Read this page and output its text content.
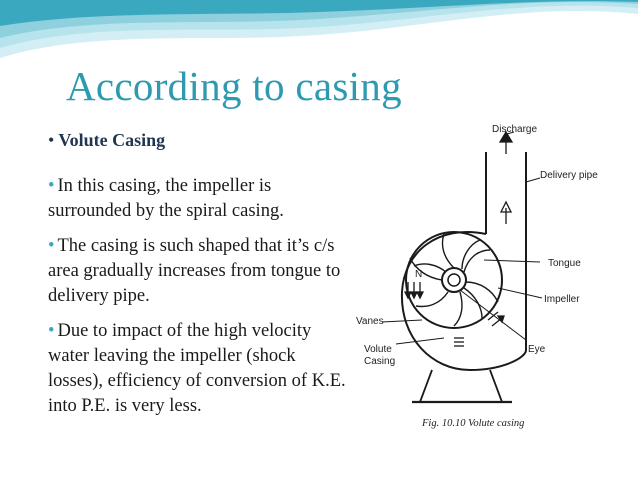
According to casing
• Volute Casing

• In this casing, the impeller is surrounded by the spiral casing.

• The casing is such shaped that it’s c/s area gradually increases from tongue to delivery pipe.

• Due to impact of the high velocity water leaving the impeller (shock losses), efficiency of conversion of K.E. into P.E. is very less.

N
Discharge
Delivery pipe
Tongue
Impeller
Eye
Vanes
Volute
Casing
Fig. 10.10 Volute casing
